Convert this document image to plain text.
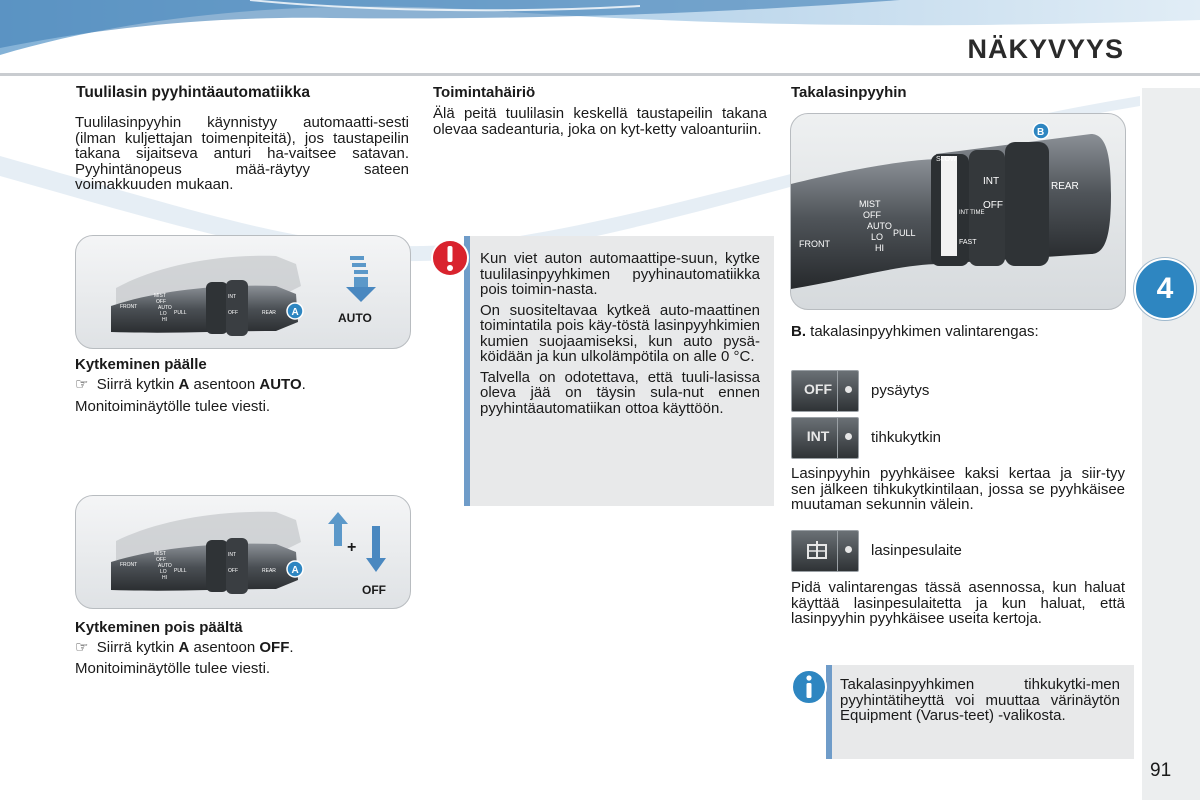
NÄKYVYYS
4
Tuulilasin pyyhintäautomatiikka
Tuulilasinpyyhin käynnistyy automaatti-sesti (ilman kuljettajan toimenpiteitä), jos taustapeilin takana sijaitseva anturi ha-vaitsee satavan. Pyyhintänopeus mää-räytyy sateen voimakkuuden mukaan.
FRONT
MIST
OFF
AUTO
LO
HI
PULL
INT
OFF	REAR A	AUTO
Kytkeminen päälle
☞ Siirrä kytkin A asentoon AUTO.
Monitoiminäytölle tulee viesti.
FRONT
MIST
OFF
AUTO
LO
HI
PULL
INT
OFF	REAR A
+
OFF
Kytkeminen pois päältä
☞ Siirrä kytkin A asentoon OFF.
Monitoiminäytölle tulee viesti.
Toimintahäiriö
Älä peitä tuulilasin keskellä taustapeilin takana olevaa sadeanturia, joka on kyt-ketty valoanturiin.
Kun viet auton automaattipe-suun, kytke tuulilasinpyyhkimen pyyhinautomatiikka pois toimin-nasta.
On suositeltavaa kytkeä auto-maattinen toimintatila pois käy-töstä lasinpyyhkimien kumien suojaamiseksi, kun auto pysä-köidään ja kun ulkolämpötila on alle 0 °C.
Talvella on odotettava, että tuuli-lasissa oleva jää on täysin sula-nut ennen pyyhintäautomatiikan ottoa käyttöön.
Takalasinpyyhin
FRONT
MIST
OFF
AUTO
LO
HI
PULL
SLOW
INT TIME
FAST
INT
OFF
REAR
B
B. takalasinpyyhkimen valintarengas:
OFF	pysäytys
INT	tihkukytkin
Lasinpyyhin pyyhkäisee kaksi kertaa ja siir-tyy sen jälkeen tihkukytkintilaan, jossa se pyyhkäisee muutaman sekunnin välein.
lasinpesulaite
Pidä valintarengas tässä asennossa, kun haluat käyttää lasinpesulaitetta ja kun haluat, että lasinpyyhin pyyhkäisee useita kertoja.
Takalasinpyyhkimen tihkukytki-men pyyhintätiheyttä voi muuttaa värinäytön Equipment (Varus-teet) -valikosta.
91
